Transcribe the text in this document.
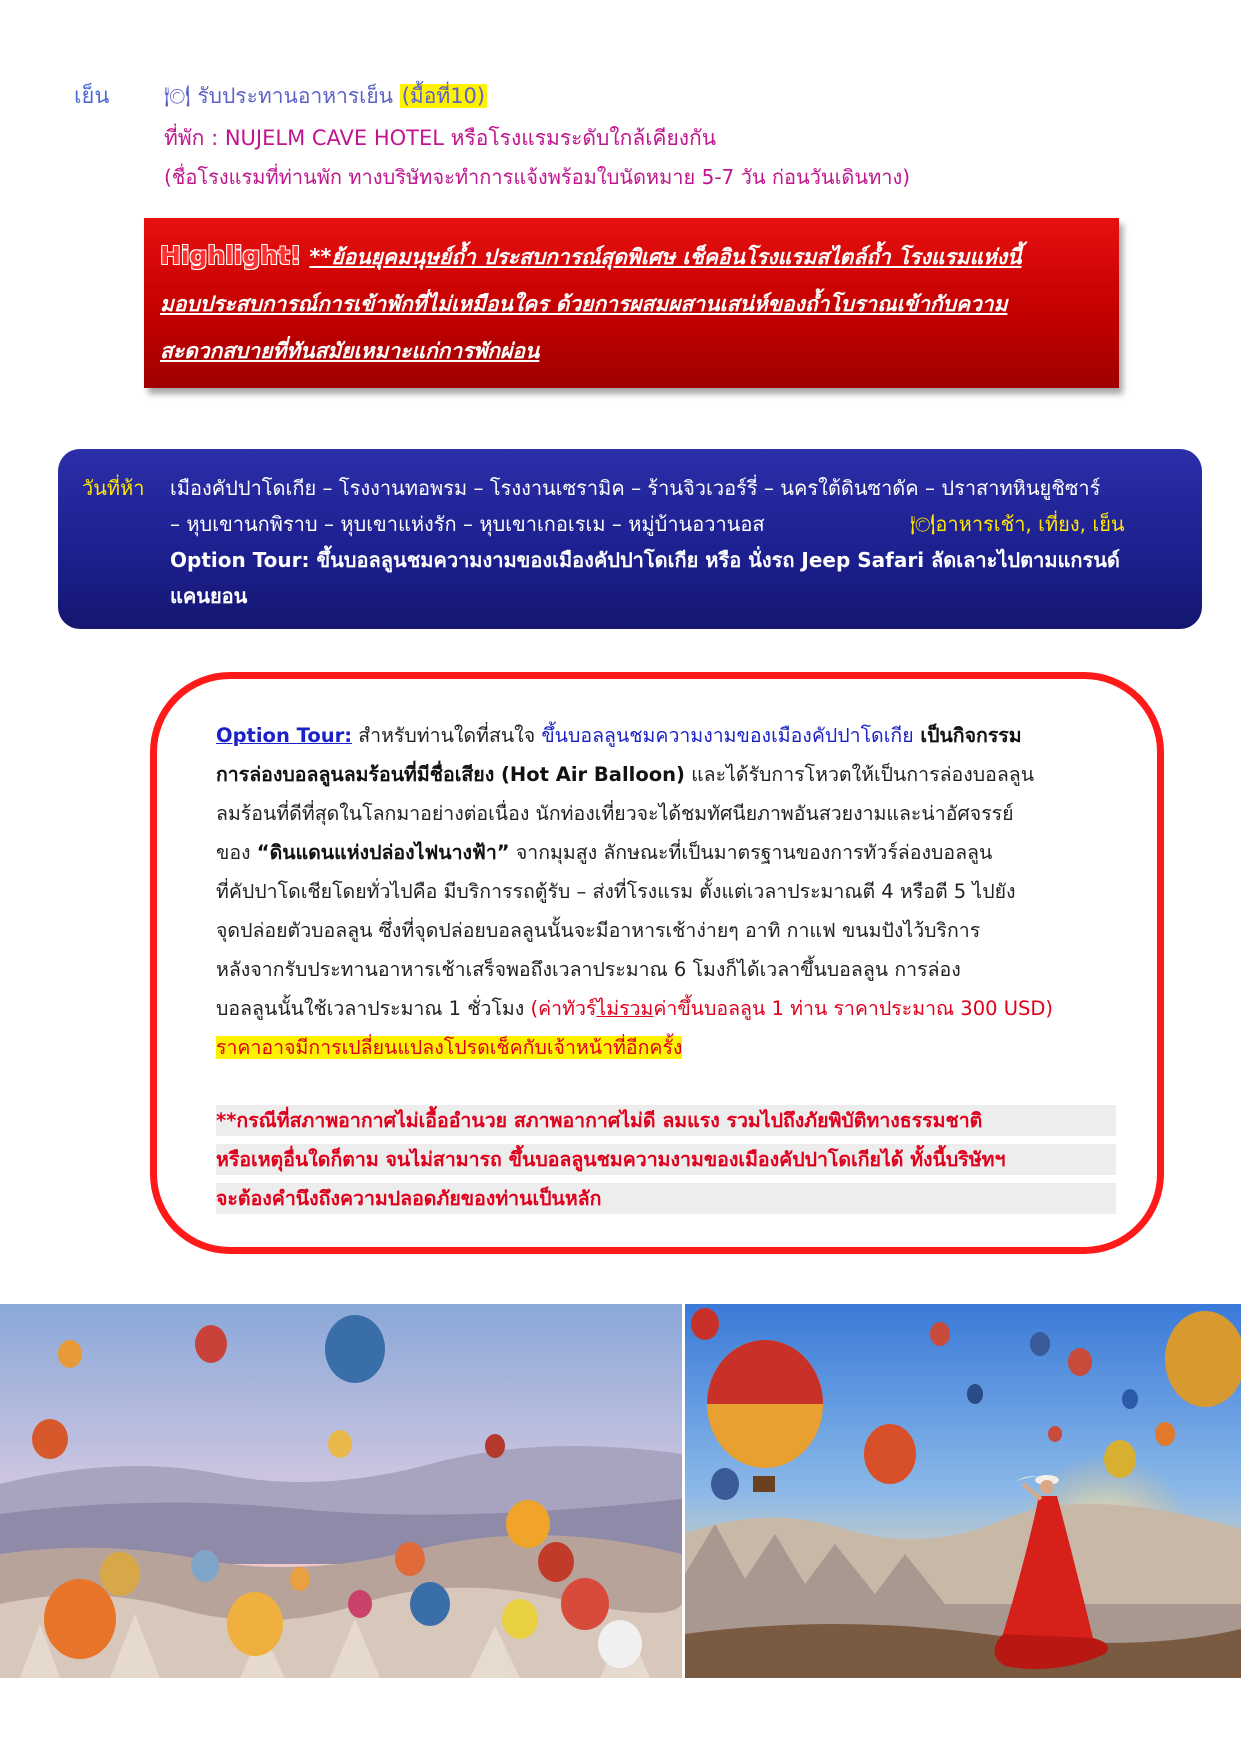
เย็น	🍽 รับประทานอาหารเย็น (มื้อที่10)
ที่พัก : NUJELM CAVE HOTEL หรือโรงแรมระดับใกล้เคียงกัน
(ชื่อโรงแรมที่ท่านพัก ทางบริษัทจะทำการแจ้งพร้อมใบนัดหมาย 5-7 วัน ก่อนวันเดินทาง)
Highlight! **ย้อนยุคมนุษย์ถ้ำ ประสบการณ์สุดพิเศษ เช็คอินโรงแรมสไตล์ถ้ำ โรงแรมแห่งนี้
มอบประสบการณ์การเข้าพักที่ไม่เหมือนใคร ด้วยการผสมผสานเสน่ห์ของถ้ำโบราณเข้ากับความ
สะดวกสบายที่ทันสมัยเหมาะแก่การพักผ่อน
วันที่ห้า เมืองคัปปาโดเกีย – โรงงานทอพรม – โรงงานเซรามิค – ร้านจิวเวอร์รี่ – นครใต้ดินซาดัค – ปราสาทหินยูชิซาร์
– หุบเขานกพิราบ – หุบเขาแห่งรัก – หุบเขาเกอเรเม – หมู่บ้านอวานอส	🍽อาหารเช้า, เที่ยง, เย็น
Option Tour: ขึ้นบอลลูนชมความงามของเมืองคัปปาโดเกีย หรือ นั่งรถ Jeep Safari ลัดเลาะไปตามแกรนด์
แคนยอน
Option Tour: สำหรับท่านใดที่สนใจ ขึ้นบอลลูนชมความงามของเมืองคัปปาโดเกีย เป็นกิจกรรม
การล่องบอลลูนลมร้อนที่มีชื่อเสียง (Hot Air Balloon) และได้รับการโหวตให้เป็นการล่องบอลลูน
ลมร้อนที่ดีที่สุดในโลกมาอย่างต่อเนื่อง นักท่องเที่ยวจะได้ชมทัศนียภาพอันสวยงามและน่าอัศจรรย์
ของ “ดินแดนแห่งปล่องไฟนางฟ้า” จากมุมสูง ลักษณะที่เป็นมาตรฐานของการทัวร์ล่องบอลลูน
ที่คัปปาโดเชียโดยทั่วไปคือ มีบริการรถตู้รับ – ส่งที่โรงแรม ตั้งแต่เวลาประมาณตี 4 หรือตี 5 ไปยัง
จุดปล่อยตัวบอลลูน ซึ่งที่จุดปล่อยบอลลูนนั้นจะมีอาหารเช้าง่ายๆ อาทิ กาแฟ ขนมปังไว้บริการ
หลังจากรับประทานอาหารเช้าเสร็จพอถึงเวลาประมาณ 6 โมงก็ได้เวลาขึ้นบอลลูน การล่อง
บอลลูนนั้นใช้เวลาประมาณ 1 ชั่วโมง (ค่าทัวร์ไม่รวมค่าขึ้นบอลลูน 1 ท่าน ราคาประมาณ 300 USD)
ราคาอาจมีการเปลี่ยนแปลงโปรดเช็คกับเจ้าหน้าที่อีกครั้ง
**กรณีที่สภาพอากาศไม่เอื้ออำนวย สภาพอากาศไม่ดี ลมแรง รวมไปถึงภัยพิบัติทางธรรมชาติ
หรือเหตุอื่นใดก็ตาม จนไม่สามารถ ขึ้นบอลลูนชมความงามของเมืองคัปปาโดเกียได้ ทั้งนี้บริษัทฯ
จะต้องคำนึงถึงความปลอดภัยของท่านเป็นหลัก
